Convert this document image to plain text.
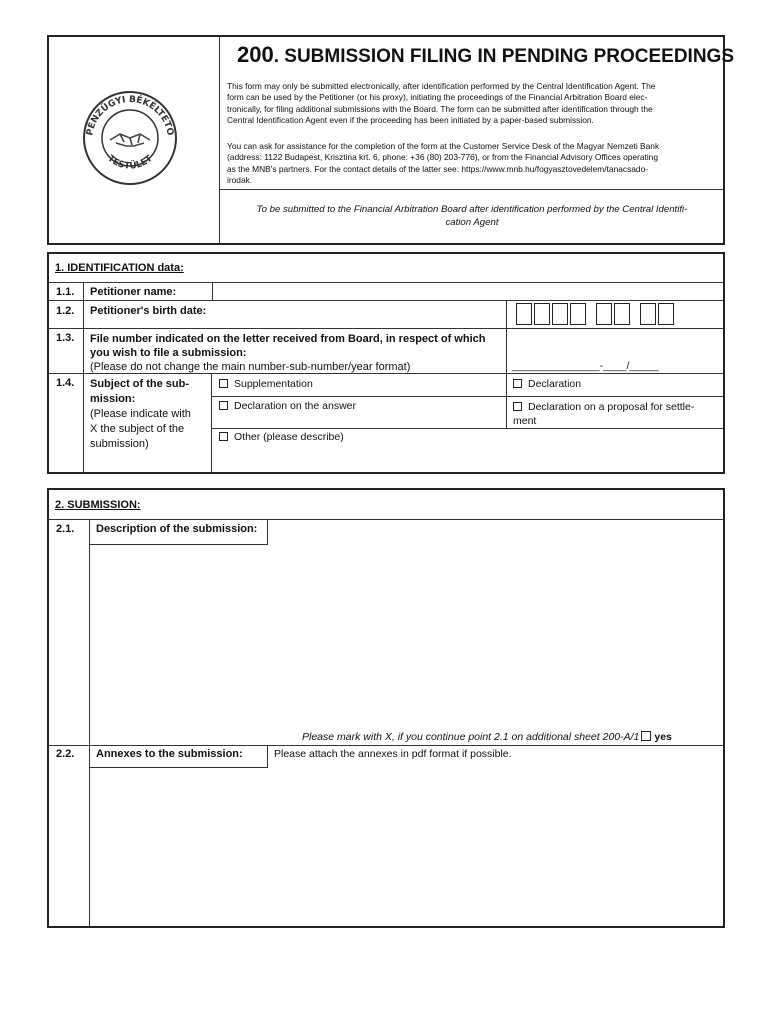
PÉNZÜGYI BÉKÉLTETŐ
TESTÜLET
200. SUBMISSION FILING IN PENDING PROCEEDINGS
This form may only be submitted electronically, after identification performed by the Central Identification Agent. The
form can be used by the Petitioner (or his proxy), initiating the proceedings of the Financial Arbitration Board elec-
tronically, for filing additional submissions with the Board. The form can be submitted after identification through the
Central Identification Agent even if the proceeding has been initiated by a paper-based submission.
You can ask for assistance for the completion of the form at the Customer Service Desk of the Magyar Nemzeti Bank
(address: 1122 Budapest, Krisztina krt. 6, phone: +36 (80) 203-776), or from the Financial Advisory Offices operating
as the MNB's partners. For the contact details of the latter see: https://www.mnb.hu/fogyasztovedelem/tanacsado-
irodak.
To be submitted to the Financial Arbitration Board after identification performed by the Central Identifi-
cation Agent
1. IDENTIFICATION data:
1.1. Petitioner name:
1.2. Petitioner's birth date:
1.3. File number indicated on the letter received from Board, in respect of which
you wish to file a submission:
(Please do not change the main number-sub-number/year format)	_______________-____/_____
1.4. Subject of the sub-
mission:
(Please indicate with
X the subject of the
submission)
Supplementation	Declaration
Declaration on the answer	Declaration on a proposal for settle-
ment
Other (please describe)
2. SUBMISSION:
2.1.	Description of the submission:
Please mark with X, if you continue point 2.1 on additional sheet 200-A/1 yes
2.2.	Annexes to the submission:	Please attach the annexes in pdf format if possible.
